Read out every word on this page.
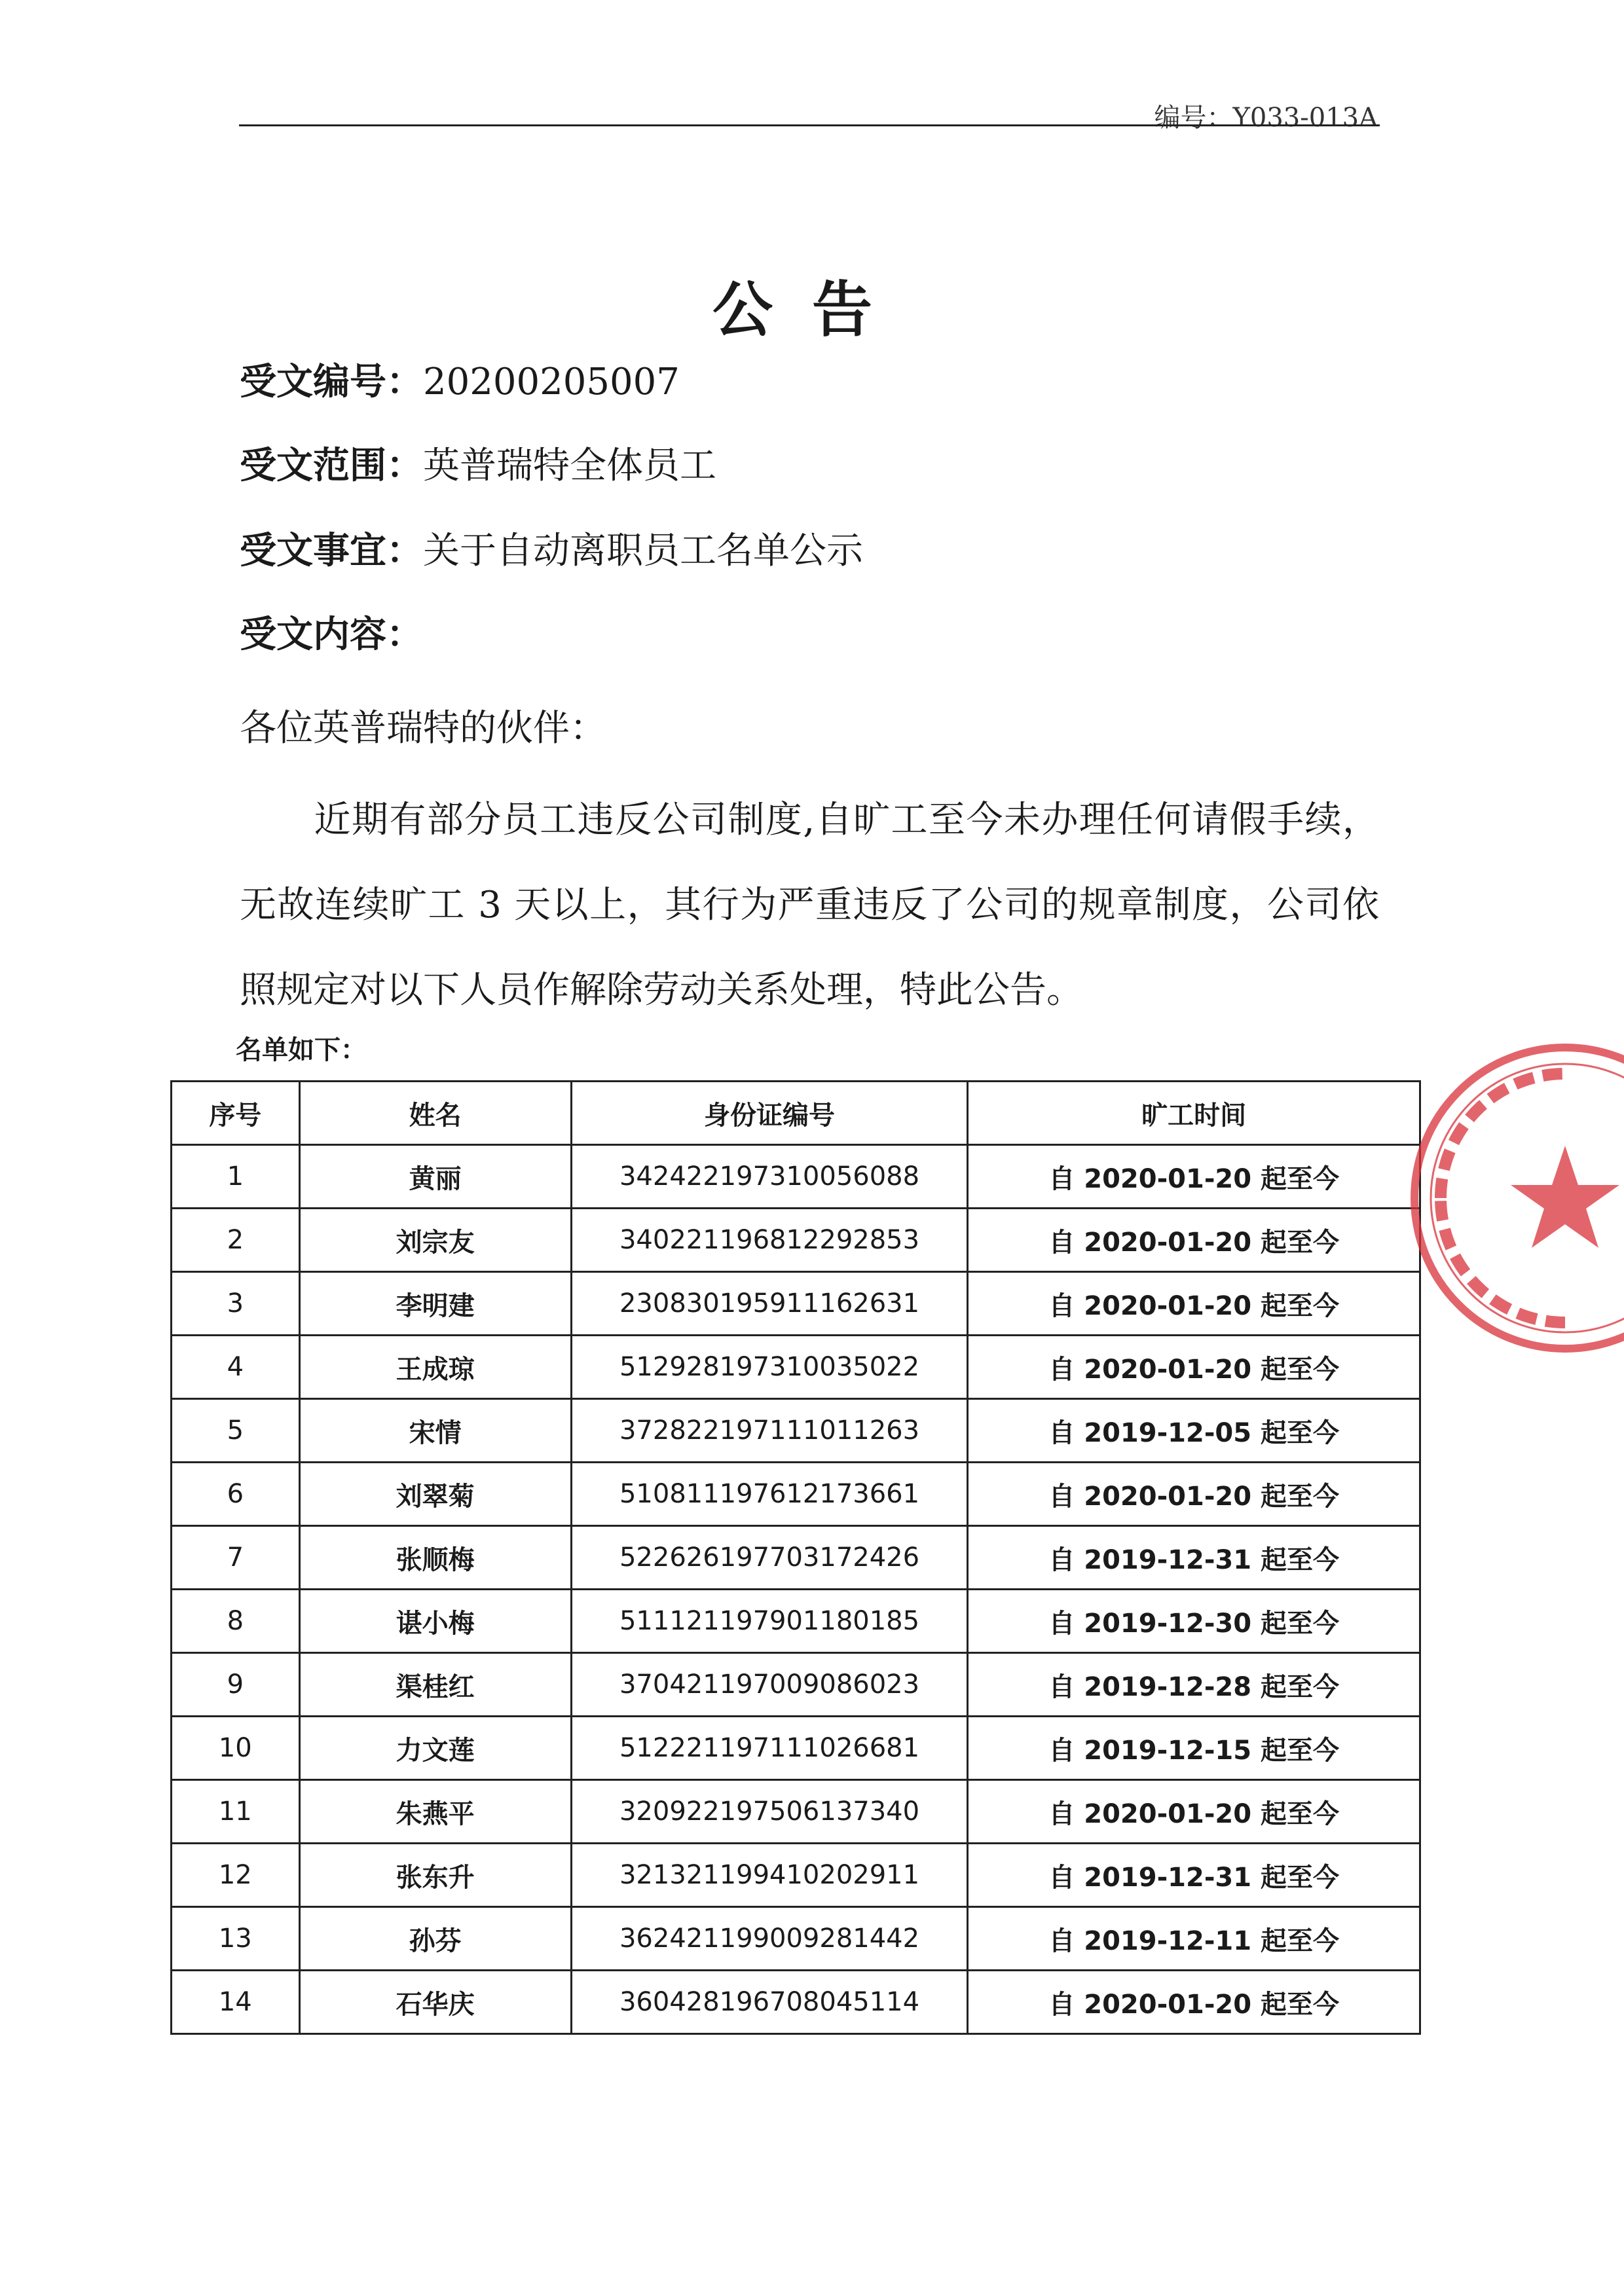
编号：Y033-013A
公告
受文编号：20200205007
受文范围：英普瑞特全体员工
受文事宜：关于自动离职员工名单公示
受文内容：
各位英普瑞特的伙伴：
近期有部分员工违反公司制度,自旷工至今未办理任何请假手续，无故连续旷工 3 天以上，其行为严重违反了公司的规章制度，公司依照规定对以下人员作解除劳动关系处理，特此公告。
名单如下：
序号	姓名	身份证编号	旷工时间
1	黄丽	342422197310056088	自 2020-01-20 起至今
2	刘宗友	340221196812292853	自 2020-01-20 起至今
3	李明建	230830195911162631	自 2020-01-20 起至今
4	王成琼	512928197310035022	自 2020-01-20 起至今
5	宋情	372822197111011263	自 2019-12-05 起至今
6	刘翠菊	510811197612173661	自 2020-01-20 起至今
7	张顺梅	522626197703172426	自 2019-12-31 起至今
8	谌小梅	511121197901180185	自 2019-12-30 起至今
9	渠桂红	370421197009086023	自 2019-12-28 起至今
10	力文莲	512221197111026681	自 2019-12-15 起至今
11	朱燕平	320922197506137340	自 2020-01-20 起至今
12	张东升	321321199410202911	自 2019-12-31 起至今
13	孙芬	362421199009281442	自 2019-12-11 起至今
14	石华庆	360428196708045114	自 2020-01-20 起至今
